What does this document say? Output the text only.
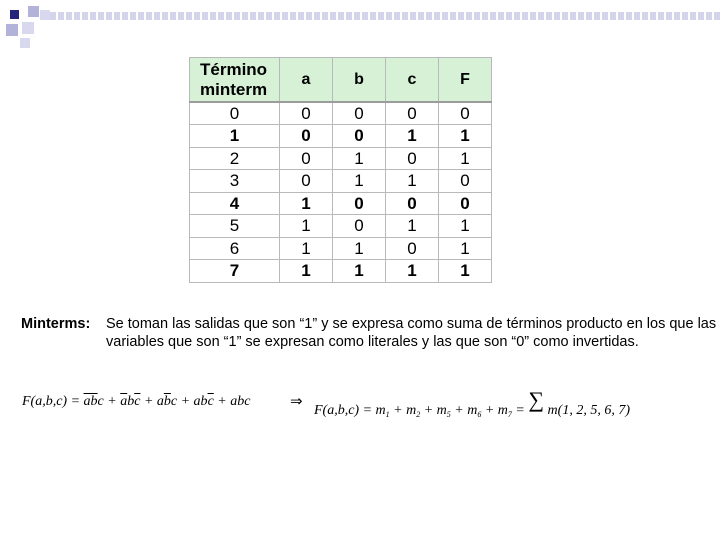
Término minterm	a	b	c	F
0	0	0	0	0
1	0	0	1	1
2	0	1	0	1
3	0	1	1	0
4	1	0	0	0
5	1	0	1	1
6	1	1	0	1
7	1	1	1	1
Minterms: Se toman las salidas que son “1” y se expresa como suma de términos producto en los que las variables que son “1” se expresan como literales y las que son “0” como invertidas.
$F(a,b,c) = \overline{a}\overline{b}c + \overline{a}b\overline{c} + a\overline{b}c + ab\overline{c}$ + abc	⇒
$F(a,b,c) = m_1 + m_2 + m_5 + m_6 + m_7$ = ∑ m(1, 2, 5, 6, 7)
